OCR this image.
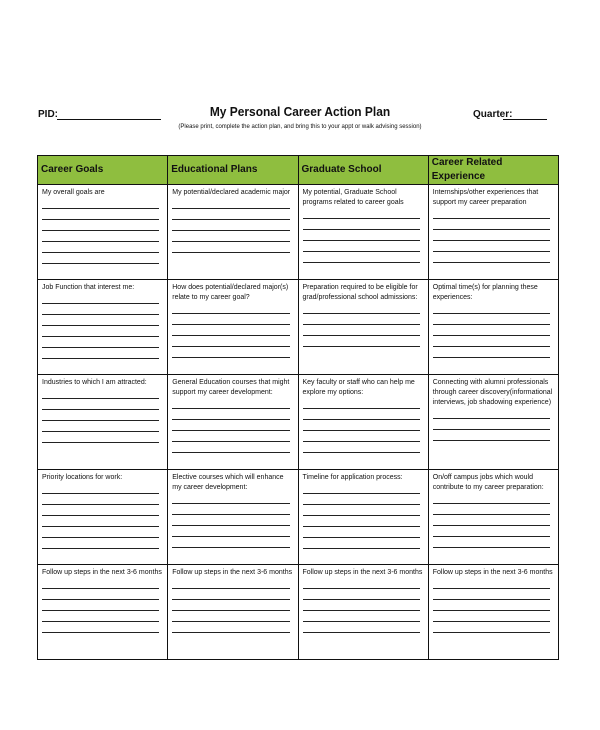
PID:	My Personal Career Action Plan
(Please print, complete the action plan, and bring this to your appt or walk advising session)
Quarter:
Career Goals	Educational Plans	Graduate School	Career Related Experience

My overall goals are	My potential/declared academic major	My potential, Graduate School programs related to career goals	Internships/other experiences that support my career preparation

Job Function that interest me:	How does potential/declared major(s) relate to my career goal?	Preparation required to be eligible for grad/professional school admissions:	Optimal time(s) for planning these experiences:

Industries to which I am attracted:	General Education courses that might support my career development:	Key faculty or staff who can help me explore my options:	Connecting with alumni professionals through career discovery(informational interviews, job shadowing experience)

Priority locations for work:	Elective courses which will enhance my career development:	Timeline for application process:	On/off campus jobs which would contribute to my career preparation:

Follow up steps in the next 3-6 months	Follow up steps in the next 3-6 months	Follow up steps in the next 3-6 months	Follow up steps in the next 3-6 months
